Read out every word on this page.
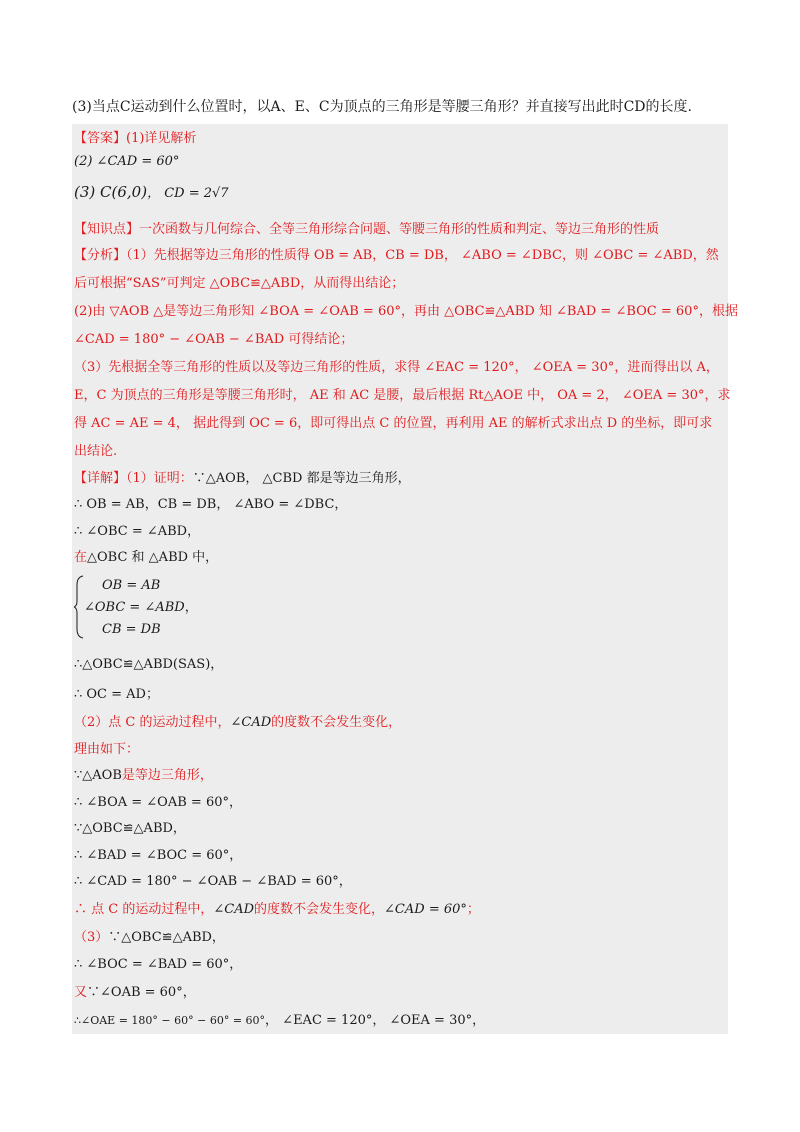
(3)当点C运动到什么位置时，以A、E、C为顶点的三角形是等腰三角形？并直接写出此时CD的长度.
【答案】(1)详见解析
(2) ∠CAD = 60°
(3) C(6,0)， CD = 2√7
【知识点】一次函数与几何综合、全等三角形综合问题、等腰三角形的性质和判定、等边三角形的性质
【分析】（1）先根据等边三角形的性质得 OB = AB，CB = DB， ∠ABO = ∠DBC，则 ∠OBC = ∠ABD，然
后可根据“SAS”可判定 △OBC≌△ABD，从而得出结论；
(2)由 ▽AOB △是等边三角形知 ∠BOA = ∠OAB = 60°，再由 △OBC≌△ABD 知 ∠BAD = ∠BOC = 60°，根据
∠CAD = 180° − ∠OAB − ∠BAD 可得结论；
（3）先根据全等三角形的性质以及等边三角形的性质，求得 ∠EAC = 120°， ∠OEA = 30°，进而得出以 A，
E，C 为顶点的三角形是等腰三角形时， AE 和 AC 是腰，最后根据 Rt△AOE 中， OA = 2， ∠OEA = 30°，求
得 AC = AE = 4， 据此得到 OC = 6，即可得出点 C 的位置，再利用 AE 的解析式求出点 D 的坐标，即可求
出结论.
【详解】（1）证明：∵△AOB， △CBD 都是等边三角形，
∴ OB = AB，CB = DB， ∠ABO = ∠DBC，
∴ ∠OBC = ∠ABD，
在△OBC 和 △ABD 中，
OB = AB
∠OBC = ∠ABD，
CB = DB
∴△OBC≌△ABD(SAS)，
∴ OC = AD；
（2）点 C 的运动过程中，∠CAD的度数不会发生变化，
理由如下：
∵△AOB是等边三角形，
∴ ∠BOA = ∠OAB = 60°，
∵△OBC≌△ABD，
∴ ∠BAD = ∠BOC = 60°，
∴ ∠CAD = 180° − ∠OAB − ∠BAD = 60°，
∴ 点 C 的运动过程中，∠CAD的度数不会发生变化，∠CAD = 60°；
（3）∵△OBC≌△ABD，
∴ ∠BOC = ∠BAD = 60°，
又∵∠OAB = 60°，
∴∠OAE = 180° − 60° − 60° = 60°， ∠EAC = 120°， ∠OEA = 30°，
